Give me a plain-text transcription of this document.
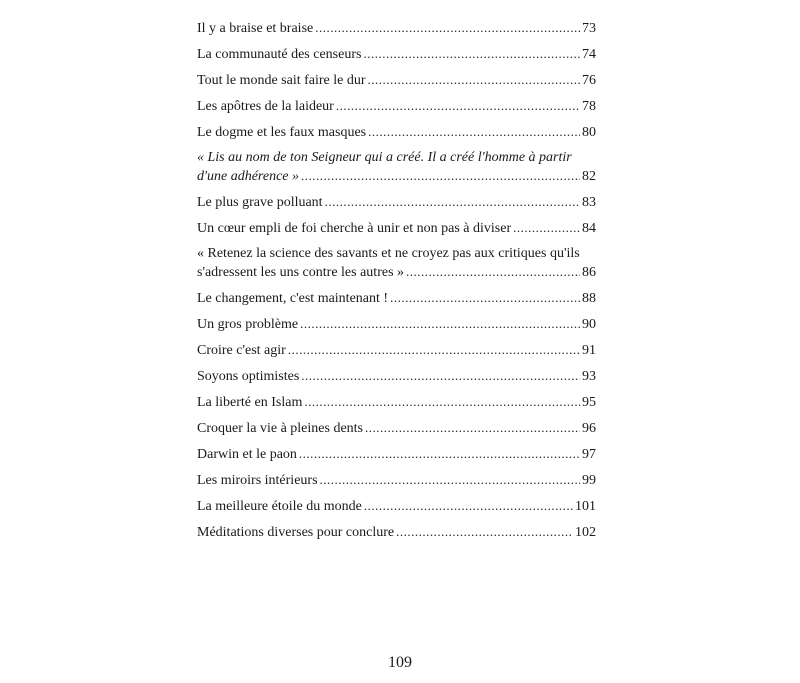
Il y a braise et braise .....	73
La communauté des censeurs .....	74
Tout le monde sait faire le dur .....	76
Les apôtres de la laideur .....	78
Le dogme et les faux masques .....	80
« Lis au nom de ton Seigneur qui a créé. Il a créé l'homme à partir
d'une adhérence » .....	82
Le plus grave polluant .....	83
Un cœur empli de foi cherche à unir et non pas à diviser .....	84
« Retenez la science des savants et ne croyez pas aux critiques qu'ils
s'adressent les uns contre les autres » .....	86
Le changement, c'est maintenant ! .....	88
Un gros problème .....	90
Croire c'est agir .....	91
Soyons optimistes .....	93
La liberté en Islam .....	95
Croquer la vie à pleines dents .....	96
Darwin et le paon .....	97
Les miroirs intérieurs .....	99
La meilleure étoile du monde .....	101
Méditations diverses pour conclure .....	102
109
